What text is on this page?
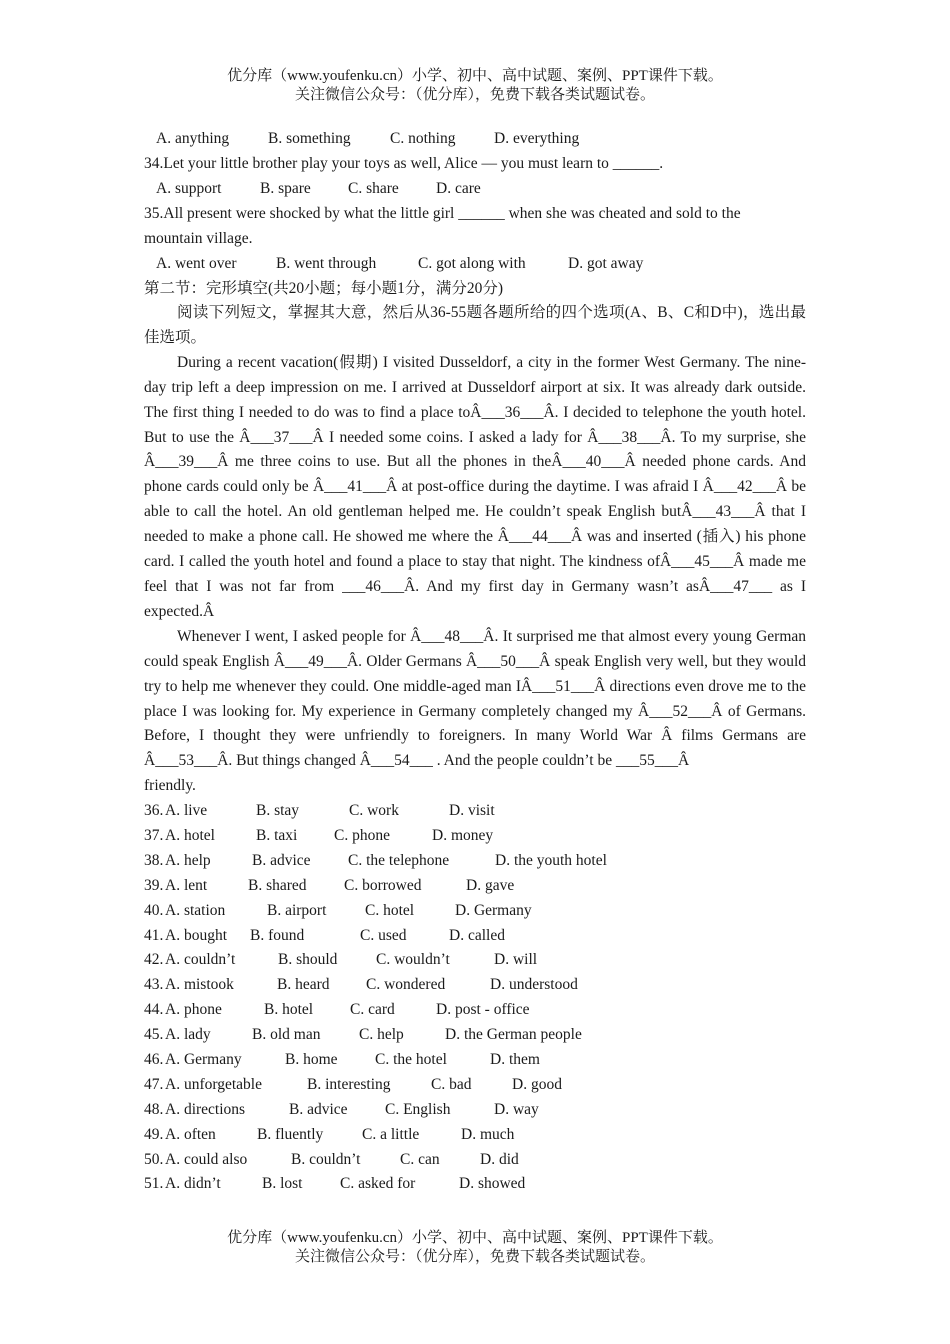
优分库（www.youfenku.cn）小学、初中、高中试题、案例、PPT课件下载。
关注微信公众号：（优分库），免费下载各类试题试卷。
A. anything	B. something	C. nothing D. everything
34.Let your little brother play your toys as well, Alice — you must learn to ______.
A. support B. spare C. share D. care
35.All present were shocked by what the little girl ______ when she was cheated and sold to the
mountain village.
A. went over	B. went through	C. got along with	D. got away
第二节：完形填空(共20小题；每小题1分，满分20分)

阅读下列短文，掌握其大意，然后从36-55题各题所给的四个选项(A、B、C和D中)，选出最佳选项。

During a recent vacation(假期) I visited Dusseldorf, a city in the former West Germany. The nine-day trip left a deep impression on me. I arrived at Dusseldorf airport at six. It was already dark outside. The first thing I needed to do was to find a place toÂ___36___Â. I decided to telephone the youth hotel. But to use the Â___37___Â I needed some coins. I asked a lady for Â___38___Â. To my surprise, she Â___39___Â me three coins to use. But all the phones in theÂ___40___Â needed phone cards. And phone cards could only be Â___41___Â at post-office during the daytime. I was afraid I Â___42___Â be able to call the hotel. An old gentleman helped me. He couldn’t speak English butÂ___43___Â that I needed to make a phone call. He showed me where the Â___44___Â was and inserted (插入) his phone card. I called the youth hotel and found a place to stay that night. The kindness ofÂ___45___Â made me feel that I was not far from ___46___Â. And my first day in Germany wasn’t asÂ___47___ as I expected.Â

Whenever I went, I asked people for Â___48___Â. It surprised me that almost every young German could speak English Â___49___Â. Older Germans Â___50___Â speak English very well, but they would try to help me whenever they could. One middle-aged man IÂ___51___Â directions even drove me to the place I was looking for. My experience in Germany completely changed my Â___52___Â of Germans. Before, I thought they were unfriendly to foreigners. In many World War Â films Germans are Â___53___Â. But things changed Â___54___ . And the people couldn’t be ___55___Â

friendly.
36. A. live	B. stay	C. work	D. visit
37. A. hotel	B. taxi C. phone	D. money
38. A. help	B. advice C. the telephone	D. the youth hotel
39. A. lent	B. shared C. borrowed	D. gave
40. A. station	B. airport C. hotel	D. Germany
41. A. bought B. found	C. used	D. called
42. A. couldn’t	B. should C. wouldn’t	D. will
43. A. mistook	B. heard C. wondered	D. understood
44. A. phone	B. hotel C. card	D. post - office
45. A. lady	B. old man C. help	D. the German people
46. A. Germany	B. home C. the hotel	D. them
47. A. unforgetable	B. interesting	C. bad	D. good
48. A. directions	B. advice C. English	D. way
49. A. often	B. fluently C. a little	D. much
50. A. could also	B. couldn’t	C. can	D. did
51. A. didn’t	B. lost C. asked for	D. showed
优分库（www.youfenku.cn）小学、初中、高中试题、案例、PPT课件下载。
关注微信公众号：（优分库），免费下载各类试题试卷。
